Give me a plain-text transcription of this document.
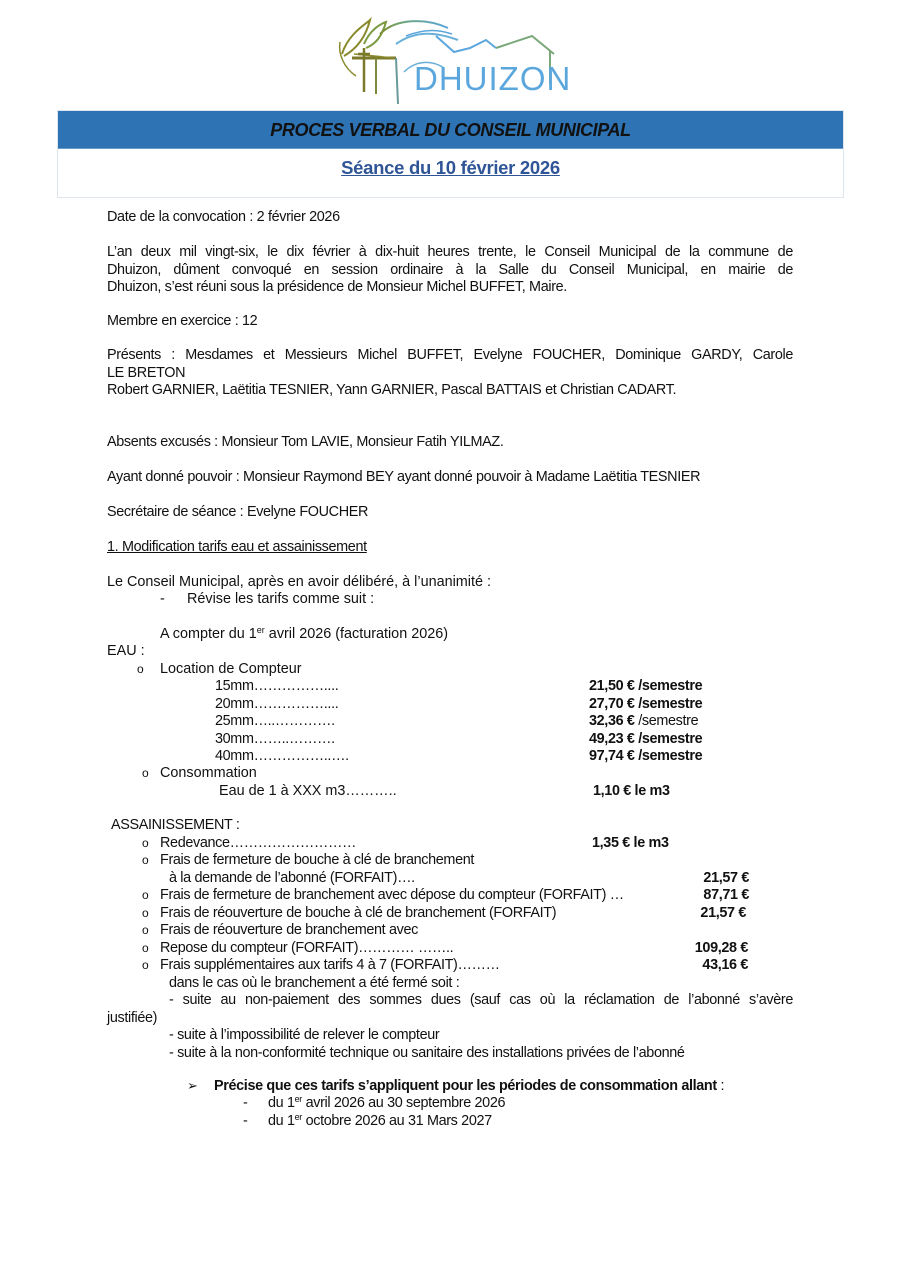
DHUIZON
PROCES VERBAL DU CONSEIL MUNICIPAL
Séance du 10 février 2026
Date de la convocation : 2 février 2026
L’an deux mil vingt-six, le dix février à dix-huit heures trente, le Conseil Municipal de la commune de
Dhuizon, dûment convoqué en session ordinaire à la Salle du Conseil Municipal, en mairie de
Dhuizon, s’est réuni sous la présidence de Monsieur Michel BUFFET, Maire.
Membre en exercice : 12
Présents : Mesdames et Messieurs Michel BUFFET, Evelyne FOUCHER, Dominique GARDY, Carole
LE BRETON
Robert GARNIER, Laëtitia TESNIER, Yann GARNIER, Pascal BATTAIS et Christian CADART.
Absents excusés : Monsieur Tom LAVIE, Monsieur Fatih YILMAZ.
Ayant donné pouvoir : Monsieur Raymond BEY ayant donné pouvoir à Madame Laëtitia TESNIER
Secrétaire de séance : Evelyne FOUCHER
1. Modification tarifs eau et assainissement
Le Conseil Municipal, après en avoir délibéré, à l’unanimité :
- Révise les tarifs comme suit :
A compter du 1er avril 2026 (facturation 2026)
EAU :
o Location de Compteur
15mm……………....	21,50 € /semestre
20mm……………....	27,70 € /semestre
25mm…..………….	32,36 € /semestre
30mm……..……….	49,23 € /semestre
40mm……………..….	97,74 € /semestre
o Consommation
Eau de 1 à XXX m3………..	1,10 € le m3
ASSAINISSEMENT :
o Redevance………………………	1,35 € le m3
o Frais de fermeture de bouche à clé de branchement
à la demande de l’abonné (FORFAIT)….	21,57 €
o Frais de fermeture de branchement avec dépose du compteur (FORFAIT) …	87,71 €
o Frais de réouverture de bouche à clé de branchement (FORFAIT)	21,57 €
o Frais de réouverture de branchement avec
o Repose du compteur (FORFAIT)………… ……..	109,28 €
o Frais supplémentaires aux tarifs 4 à 7 (FORFAIT)………	43,16 €
dans le cas où le branchement a été fermé soit :
- suite au non-paiement des sommes dues (sauf cas où la réclamation de l’abonné s’avère
justifiée)
- suite à l’impossibilité de relever le compteur
- suite à la non-conformité technique ou sanitaire des installations privées de l’abonné
➢ Précise que ces tarifs s’appliquent pour les périodes de consommation allant :
- du 1er avril 2026 au 30 septembre 2026
- du 1er octobre 2026 au 31 Mars 2027
